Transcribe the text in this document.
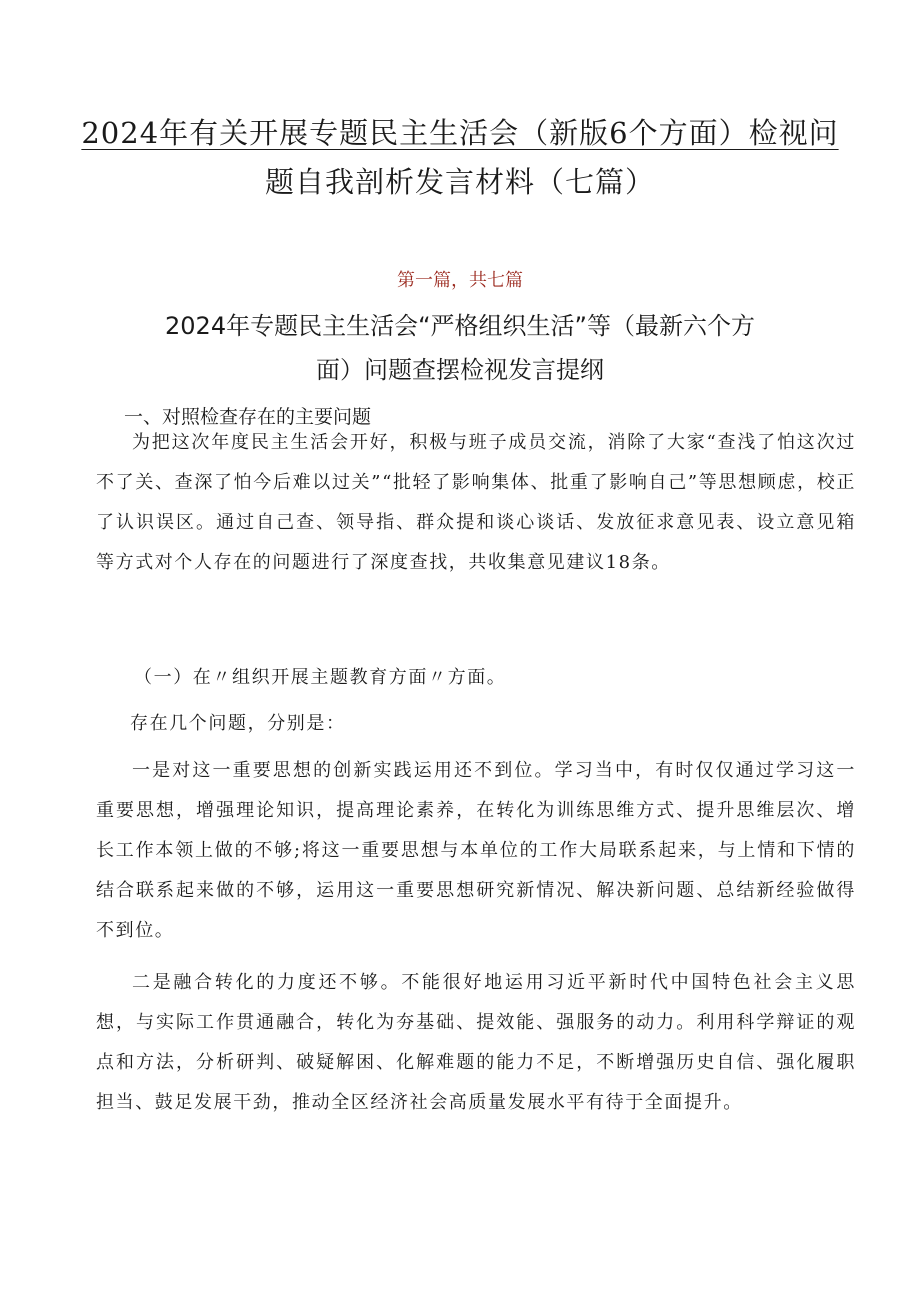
2024年有关开展专题民主生活会（新版6个方面）检视问
题自我剖析发言材料（七篇）
第一篇，共七篇
2024年专题民主生活会“严格组织生活”等（最新六个方
面）问题查摆检视发言提纲
一、对照检查存在的主要问题

为把这次年度民主生活会开好，积极与班子成员交流，消除了大家“查浅了怕这次过不了关、查深了怕今后难以过关”“批轻了影响集体、批重了影响自己”等思想顾虑，校正了认识误区。通过自己查、领导指、群众提和谈心谈话、发放征求意见表、设立意见箱等方式对个人存在的问题进行了深度查找，共收集意见建议18条。

（一）在〃组织开展主题教育方面〃方面。

存在几个问题，分别是：

一是对这一重要思想的创新实践运用还不到位。学习当中，有时仅仅通过学习这一重要思想，增强理论知识，提高理论素养，在转化为训练思维方式、提升思维层次、增长工作本领上做的不够;将这一重要思想与本单位的工作大局联系起来，与上情和下情的结合联系起来做的不够，运用这一重要思想研究新情况、解决新问题、总结新经验做得不到位。

二是融合转化的力度还不够。不能很好地运用习近平新时代中国特色社会主义思想，与实际工作贯通融合，转化为夯基础、提效能、强服务的动力。利用科学辩证的观点和方法，分析研判、破疑解困、化解难题的能力不足，不断增强历史自信、强化履职担当、鼓足发展干劲，推动全区经济社会高质量发展水平有待于全面提升。
